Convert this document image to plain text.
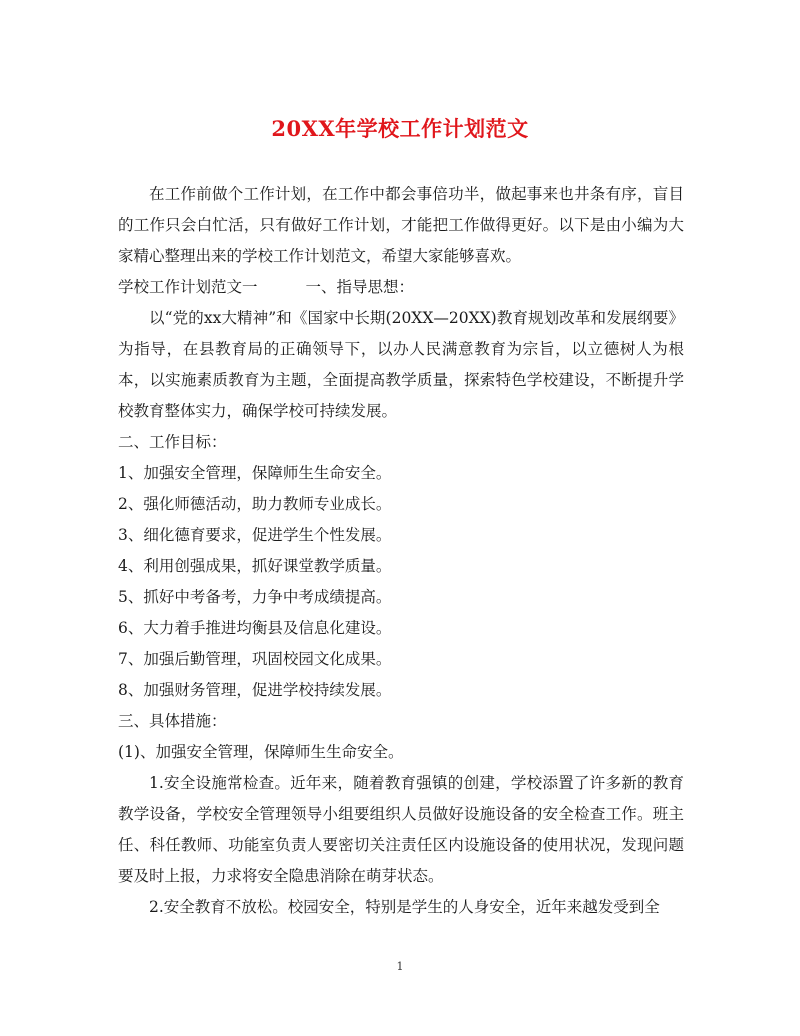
20XX年学校工作计划范文

在工作前做个工作计划，在工作中都会事倍功半，做起事来也井条有序，盲目的工作只会白忙活，只有做好工作计划，才能把工作做得更好。以下是由小编为大家精心整理出来的学校工作计划范文，希望大家能够喜欢。

学校工作计划范文一	一、指导思想：

以“党的xx大精神”和《国家中长期(20XX—20XX)教育规划改革和发展纲要》为指导，在县教育局的正确领导下，以办人民满意教育为宗旨，以立德树人为根本，以实施素质教育为主题，全面提高教学质量，探索特色学校建设，不断提升学校教育整体实力，确保学校可持续发展。

二、工作目标：

1、加强安全管理，保障师生生命安全。

2、强化师德活动，助力教师专业成长。

3、细化德育要求，促进学生个性发展。

4、利用创强成果，抓好课堂教学质量。

5、抓好中考备考，力争中考成绩提高。

6、大力着手推进均衡县及信息化建设。

7、加强后勤管理，巩固校园文化成果。

8、加强财务管理，促进学校持续发展。

三、具体措施：

(1)、加强安全管理，保障师生生命安全。

1.安全设施常检查。近年来，随着教育强镇的创建，学校添置了许多新的教育教学设备，学校安全管理领导小组要组织人员做好设施设备的安全检查工作。班主任、科任教师、功能室负责人要密切关注责任区内设施设备的使用状况，发现问题要及时上报，力求将安全隐患消除在萌芽状态。

2.安全教育不放松。校园安全，特别是学生的人身安全，近年来越发受到全

1
